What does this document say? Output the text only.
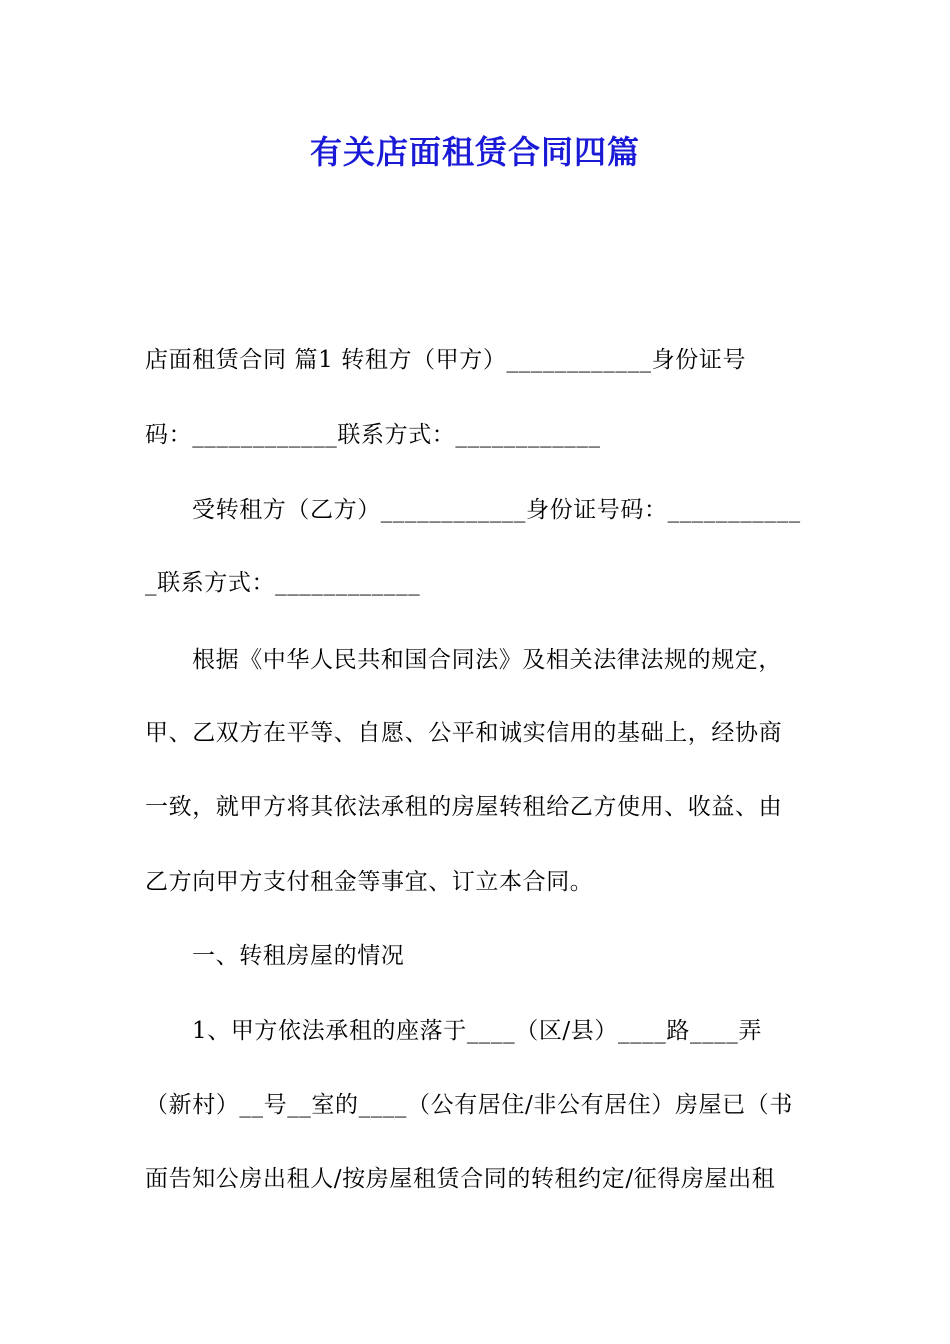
有关店面租赁合同四篇
店面租赁合同 篇1 转租方（甲方）____________身份证号
码：____________联系方式：____________
受转租方（乙方）____________身份证号码：___________
_联系方式：____________
根据《中华人民共和国合同法》及相关法律法规的规定，
甲、乙双方在平等、自愿、公平和诚实信用的基础上，经协商
一致，就甲方将其依法承租的房屋转租给乙方使用、收益、由
乙方向甲方支付租金等事宜、订立本合同。
一、转租房屋的情况
1、甲方依法承租的座落于____（区/县）____路____弄
（新村）__号__室的____（公有居住/非公有居住）房屋已（书
面告知公房出租人/按房屋租赁合同的转租约定/征得房屋出租
